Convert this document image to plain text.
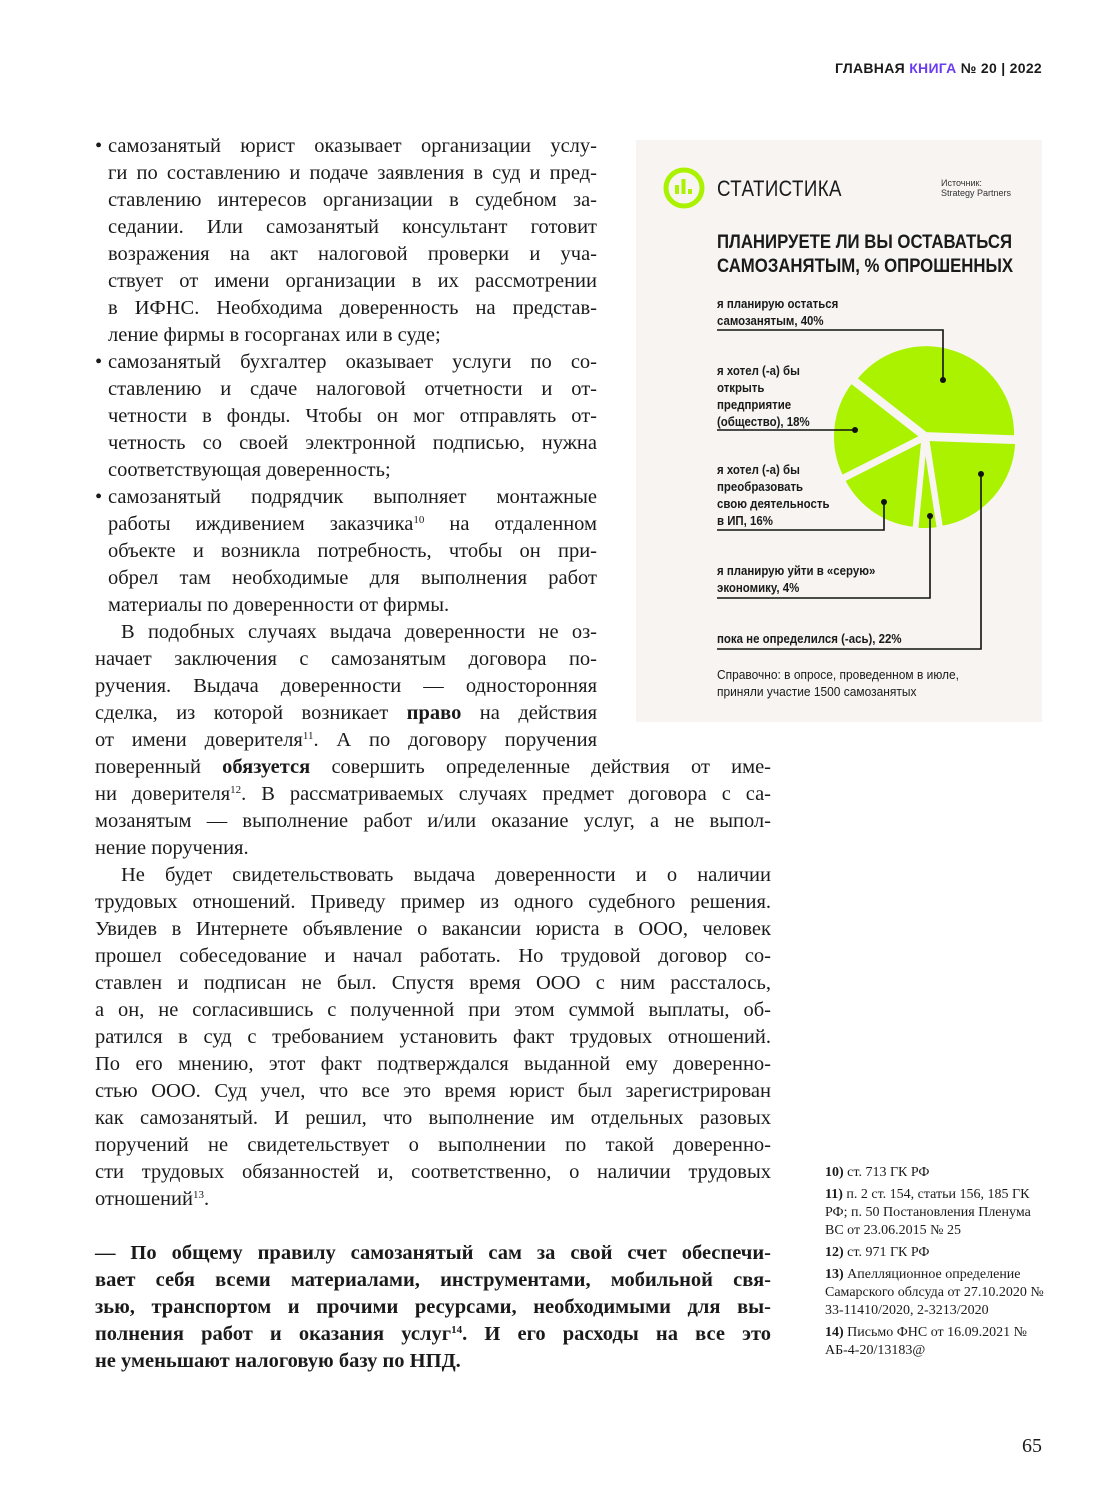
ГЛАВНАЯ КНИГА № 20 | 2022
• самозанятый юрист оказывает организации услу-
ги по составлению и подаче заявления в суд и пред-
ставлению интересов организации в судебном за-
седании. Или самозанятый консультант готовит
возражения на акт налоговой проверки и уча-
ствует от имени организации в их рассмотрении
в ИФНС. Необходима доверенность на представ-
ление фирмы в госорганах или в суде;
• самозанятый бухгалтер оказывает услуги по со-
ставлению и сдаче налоговой отчетности и от-
четности в фонды. Чтобы он мог отправлять от-
четность со своей электронной подписью, нужна
соответствующая доверенность;
• самозанятый подрядчик выполняет монтажные
работы иждивением заказчика$^{10}$ на отдаленном
объекте и возникла потребность, чтобы он при-
обрел там необходимые для выполнения работ
материалы по доверенности от фирмы.
В подобных случаях выдача доверенности не оз-
начает заключения с самозанятым договора по-
ручения. Выдача доверенности — односторонняя
сделка, из которой возникает право на действия
от имени доверителя$^{11}$. А по договору поручения
поверенный обязуется совершить определенные действия от име-
ни доверителя$^{12}$. В рассматриваемых случаях предмет договора с са-
мозанятым — выполнение работ и/или оказание услуг, а не выпол-
нение поручения.
Не будет свидетельствовать выдача доверенности и о наличии
трудовых отношений. Приведу пример из одного судебного решения.
Увидев в Интернете объявление о вакансии юриста в ООО, человек
прошел собеседование и начал работать. Но трудовой договор со-
ставлен и подписан не был. Спустя время ООО с ним рассталось,
а он, не согласившись с полученной при этом суммой выплаты, об-
ратился в суд с требованием установить факт трудовых отношений.
По его мнению, этот факт подтверждался выданной ему доверенно-
стью ООО. Суд учел, что все это время юрист был зарегистрирован
как самозанятый. И решил, что выполнение им отдельных разовых
поручений не свидетельствует о выполнении по такой доверенно-
сти трудовых обязанностей и, соответственно, о наличии трудовых
отношений$^{13}$.
— По общему правилу самозанятый сам за свой счет обеспечи-
вает себя всеми материалами, инструментами, мобильной свя-
зью, транспортом и прочими ресурсами, необходимыми для вы-
полнения работ и оказания услуг$^{14}$. И его расходы на все это
не уменьшают налоговую базу по НПД.
СТАТИСТИКА	Источник:
Strategy Partners
ПЛАНИРУЕТЕ ЛИ ВЫ ОСТАВАТЬСЯ
САМОЗАНЯТЫМ, % ОПРОШЕННЫХ
я планирую остаться
самозанятым, 40%
я хотел (-а) бы
открыть
предприятие
(общество), 18%
я хотел (-а) бы
преобразовать
свою деятельность
в ИП, 16%
я планирую уйти в «серую»
экономику, 4%
пока не определился (-ась), 22%
Справочно: в опросе, проведенном в июле,
приняли участие 1500 самозанятых

10) ст. 713 ГК РФ

11) п. 2 ст. 154, статьи 156, 185 ГК РФ; п. 50 Постановления Пленума ВС от 23.06.2015 № 25

12) ст. 971 ГК РФ

13) Апелляционное определение Самарского облсуда от 27.10.2020 № 33-11410/2020, 2-3213/2020

14) Письмо ФНС от 16.09.2021 № АБ-4-20/13183@

65
